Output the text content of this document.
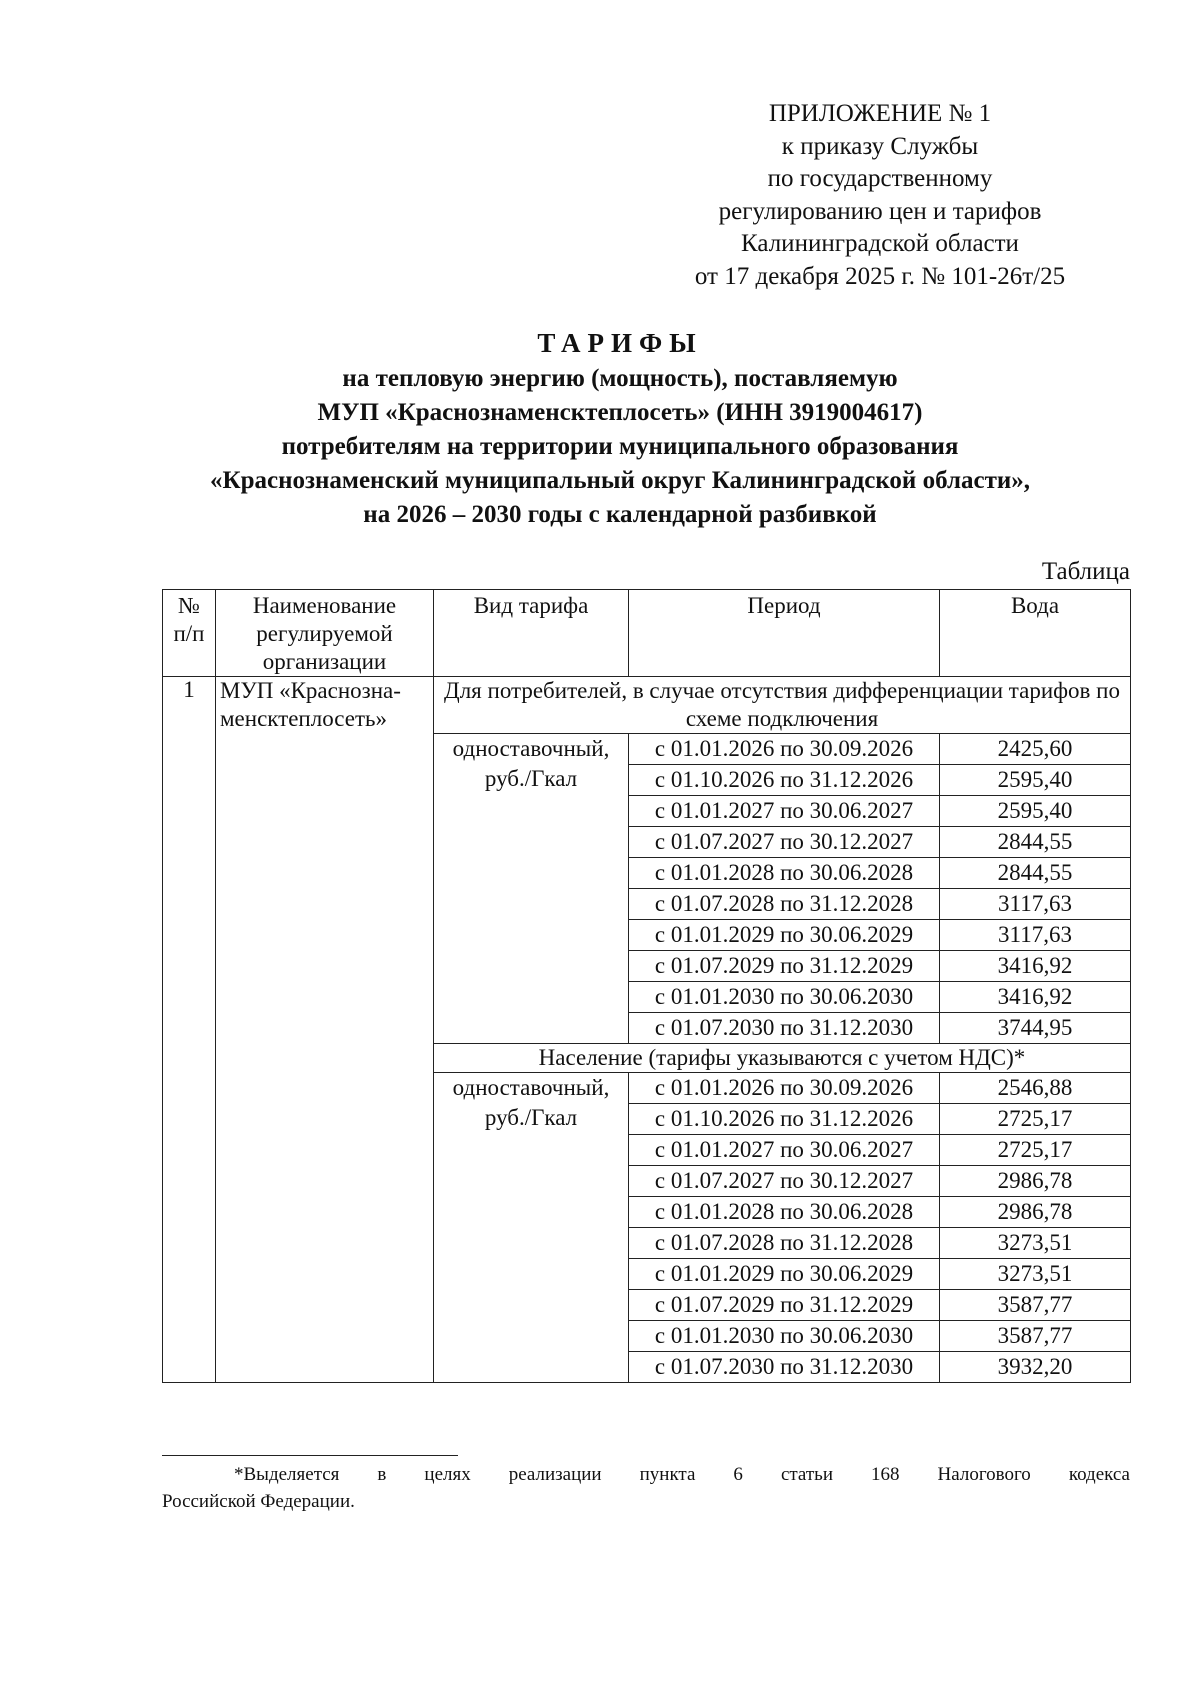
ПРИЛОЖЕНИЕ № 1
к приказу Службы
по государственному
регулированию цен и тарифов
Калининградской области
от 17 декабря 2025 г. № 101-26т/25
ТАРИФЫ
на тепловую энергию (мощность), поставляемую
МУП «Краснознаменсктеплосеть» (ИНН 3919004617)
потребителям на территории муниципального образования
«Краснознаменский муниципальный округ Калининградской области»,
на 2026 – 2030 годы с календарной разбивкой
Таблица
№ п/п	Наименование регулируемой организации	Вид тарифа	Период	Вода
1	МУП «Краснозна-менсктеплосеть»	Для потребителей, в случае отсутствия дифференциации тарифов по схеме подключения		
		одноставочный, руб./Гкал	с 01.01.2026 по 30.09.2026	2425,60
			с 01.10.2026 по 31.12.2026	2595,40
			с 01.01.2027 по 30.06.2027	2595,40
			с 01.07.2027 по 30.12.2027	2844,55
			с 01.01.2028 по 30.06.2028	2844,55
			с 01.07.2028 по 31.12.2028	3117,63
			с 01.01.2029 по 30.06.2029	3117,63
			с 01.07.2029 по 31.12.2029	3416,92
			с 01.01.2030 по 30.06.2030	3416,92
			с 01.07.2030 по 31.12.2030	3744,95
		Население (тарифы указываются с учетом НДС)*		
		одноставочный, руб./Гкал	с 01.01.2026 по 30.09.2026	2546,88
			с 01.10.2026 по 31.12.2026	2725,17
			с 01.01.2027 по 30.06.2027	2725,17
			с 01.07.2027 по 30.12.2027	2986,78
			с 01.01.2028 по 30.06.2028	2986,78
			с 01.07.2028 по 31.12.2028	3273,51
			с 01.01.2029 по 30.06.2029	3273,51
			с 01.07.2029 по 31.12.2029	3587,77
			с 01.01.2030 по 30.06.2030	3587,77
			с 01.07.2030 по 31.12.2030	3932,20
*Выделяется в целях реализации пункта 6 статьи 168 Налогового кодекса
Российской Федерации.
